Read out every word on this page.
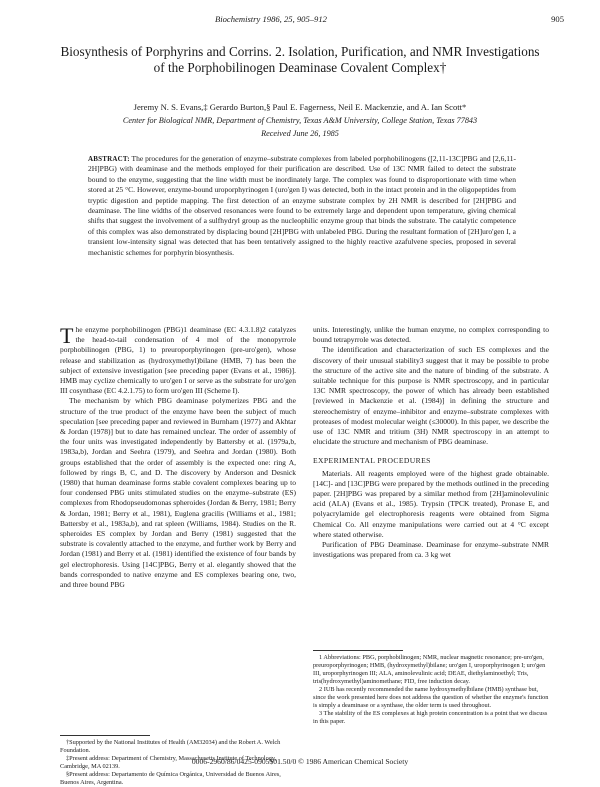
Biochemistry 1986, 25, 905–912	905
Biosynthesis of Porphyrins and Corrins. 2. Isolation, Purification, and NMR Investigations of the Porphobilinogen Deaminase Covalent Complex†
Jeremy N. S. Evans,‡ Gerardo Burton,§ Paul E. Fagerness, Neil E. Mackenzie, and A. Ian Scott*
Center for Biological NMR, Department of Chemistry, Texas A&M University, College Station, Texas 77843
Received June 26, 1985
ABSTRACT: The procedures for the generation of enzyme–substrate complexes from labeled porphobilinogens ([2,11-13C]PBG and [2,6,11-2H]PBG) with deaminase and the methods employed for their purification are described. Use of 13C NMR failed to detect the substrate bound to the enzyme, suggesting that the line width must be inordinately large. The complex was found to disproportionate with time when stored at 25 °C. However, enzyme-bound uroporphyrinogen I (uro'gen I) was detected, both in the intact protein and in the oligopeptides from tryptic digestion and peptide mapping. The first detection of an enzyme substrate complex by 2H NMR is described for [2H]PBG and deaminase. The line widths of the observed resonances were found to be extremely large and dependent upon temperature, giving chemical shifts that suggest the involvement of a sulfhydryl group as the nucleophilic enzyme group that binds the substrate. The catalytic competence of this complex was also demonstrated by displacing bound [2H]PBG with unlabeled PBG. During the resultant formation of [2H]uro'gen I, a transient low-intensity signal was detected that has been tentatively assigned to the highly reactive azafulvene species, proposed in several mechanistic schemes for porphyrin biosynthesis.

The enzyme porphobilinogen (PBG)1 deaminase (EC 4.3.1.8)2 catalyzes the head-to-tail condensation of 4 mol of the monopyrrole porphobilinogen (PBG, 1) to preuroporphyrinogen (pre-uro'gen), whose release and stabilization as (hydroxymethyl)bilane (HMB, 7) has been the subject of extensive investigation [see preceding paper (Evans et al., 1986)]. HMB may cyclize chemically to uro'gen I or serve as the substrate for uro'gen III cosynthase (EC 4.2.1.75) to form uro'gen III (Scheme I).

The mechanism by which PBG deaminase polymerizes PBG and the structure of the true product of the enzyme have been the subject of much speculation [see preceding paper and reviewed in Burnham (1977) and Akhtar & Jordan (1978)] but to date has remained unclear. The order of assembly of the four units was investigated independently by Battersby et al. (1979a,b, 1983a,b), Jordan and Seehra (1979), and Seehra and Jordan (1980). Both groups established that the order of assembly is the expected one: ring A, followed by rings B, C, and D. The discovery by Anderson and Desnick (1980) that human deaminase forms stable covalent complexes bearing up to four condensed PBG units stimulated studies on the enzyme–substrate (ES) complexes from Rhodopseudomonas spheroides (Jordan & Berry, 1981; Berry & Jordan, 1981; Berry et al., 1981), Euglena gracilis (Williams et al., 1981; Battersby et al., 1983a,b), and rat spleen (Williams, 1984). Studies on the R. spheroides ES complex by Jordan and Berry (1981) suggested that the substrate is covalently attached to the enzyme, and further work by Berry and Jordan (1981) and Berry et al. (1981) identified the existence of four bands by gel electrophoresis. Using [14C]PBG, Berry et al. elegantly showed that the bands corresponded to native enzyme and ES complexes bearing one, two, and three bound PBG

†Supported by the National Institutes of Health (AM32034) and the Robert A. Welch Foundation.

‡Present address: Department of Chemistry, Massachusetts Institute of Technology, Cambridge, MA 02139.

§Present address: Departamento de Química Orgánica, Universidad de Buenos Aires, Buenos Aires, Argentina.

units. Interestingly, unlike the human enzyme, no complex corresponding to bound tetrapyrrole was detected.

The identification and characterization of such ES complexes and the discovery of their unusual stability3 suggest that it may be possible to probe the structure of the active site and the nature of binding of the substrate. A suitable technique for this purpose is NMR spectroscopy, and in particular 13C NMR spectroscopy, the power of which has already been established [reviewed in Mackenzie et al. (1984)] in defining the structure and stereochemistry of enzyme–inhibitor and enzyme–substrate complexes with proteases of modest molecular weight (≤30000). In this paper, we describe the use of 13C NMR and tritium (3H) NMR spectroscopy in an attempt to elucidate the structure and mechanism of PBG deaminase.

EXPERIMENTAL PROCEDURES

Materials. All reagents employed were of the highest grade obtainable. [14C]- and [13C]PBG were prepared by the methods outlined in the preceding paper. [2H]PBG was prepared by a similar method from [2H]aminolevulinic acid (ALA) (Evans et al., 1985). Trypsin (TPCK treated), Pronase E, and polyacrylamide gel electrophoresis reagents were obtained from Sigma Chemical Co. All enzyme manipulations were carried out at 4 °C except where stated otherwise.

Purification of PBG Deaminase. Deaminase for enzyme–substrate NMR investigations was prepared from ca. 3 kg wet

1 Abbreviations: PBG, porphobilinogen; NMR, nuclear magnetic resonance; pre-uro'gen, preuroporphyrinogen; HMB, (hydroxymethyl)bilane; uro'gen I, uroporphyrinogen I; uro'gen III, uroporphyrinogen III; ALA, aminolevulinic acid; DEAE, diethylaminoethyl; Tris, tris(hydroxymethyl)aminomethane; FID, free induction decay.

2 IUB has recently recommended the name hydroxymethylbilane (HMB) synthase but, since the work presented here does not address the question of whether the enzyme's function is simply a deaminase or a synthase, the older term is used throughout.

3 The stability of the ES complexes at high protein concentration is a point that we discuss in this paper.

0006-2960/86/0425-0905$01.50/0 © 1986 American Chemical Society
